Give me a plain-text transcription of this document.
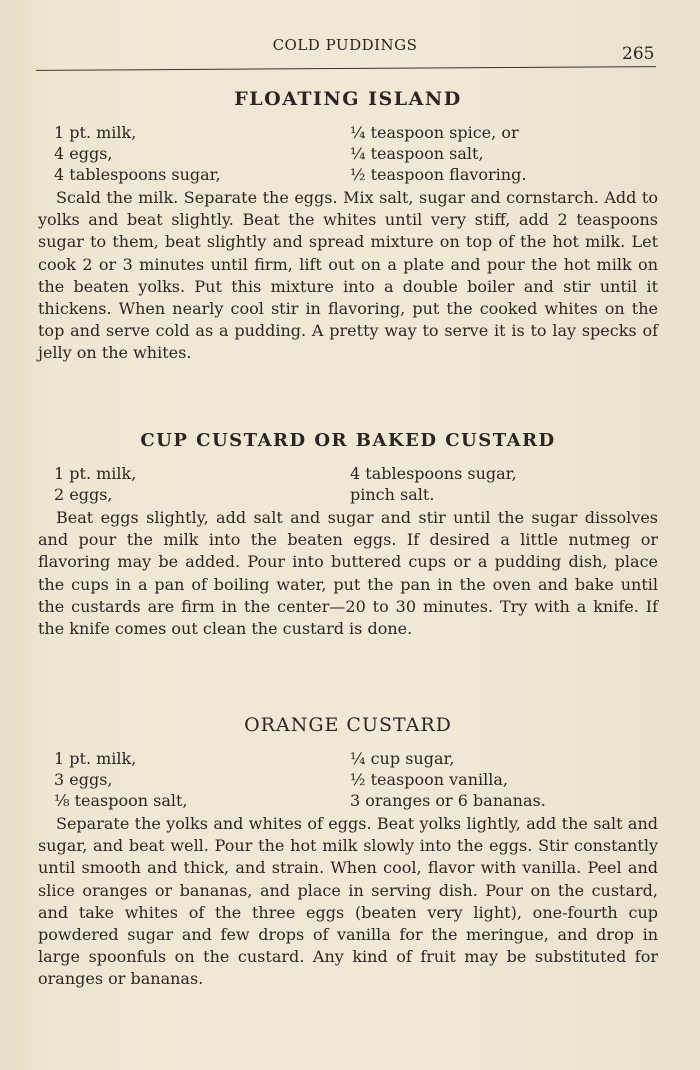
COLD PUDDINGS	265
FLOATING ISLAND
1 pt. milk,
4 eggs,
4 tablespoons sugar,
¼ teaspoon spice, or
¼ teaspoon salt,
½ teaspoon flavoring.

Scald the milk. Separate the eggs. Mix salt, sugar and cornstarch. Add to yolks and beat slightly. Beat the whites until very stiff, add 2 teaspoons sugar to them, beat slightly and spread mixture on top of the hot milk. Let cook 2 or 3 minutes until firm, lift out on a plate and pour the hot milk on the beaten yolks. Put this mixture into a double boiler and stir until it thickens. When nearly cool stir in flavoring, put the cooked whites on the top and serve cold as a pudding. A pretty way to serve it is to lay specks of jelly on the whites.

CUP CUSTARD OR BAKED CUSTARD
1 pt. milk,
2 eggs,
4 tablespoons sugar,
pinch salt.

Beat eggs slightly, add salt and sugar and stir until the sugar dissolves and pour the milk into the beaten eggs. If desired a little nutmeg or flavoring may be added. Pour into buttered cups or a pudding dish, place the cups in a pan of boiling water, put the pan in the oven and bake until the custards are firm in the center—20 to 30 minutes. Try with a knife. If the knife comes out clean the custard is done.

ORANGE CUSTARD
1 pt. milk,
3 eggs,
⅛ teaspoon salt,
¼ cup sugar,
½ teaspoon vanilla,
3 oranges or 6 bananas.

Separate the yolks and whites of eggs. Beat yolks lightly, add the salt and sugar, and beat well. Pour the hot milk slowly into the eggs. Stir constantly until smooth and thick, and strain. When cool, flavor with vanilla. Peel and slice oranges or bananas, and place in serving dish. Pour on the custard, and take whites of the three eggs (beaten very light), one-fourth cup powdered sugar and few drops of vanilla for the meringue, and drop in large spoonfuls on the custard. Any kind of fruit may be substituted for oranges or bananas.
